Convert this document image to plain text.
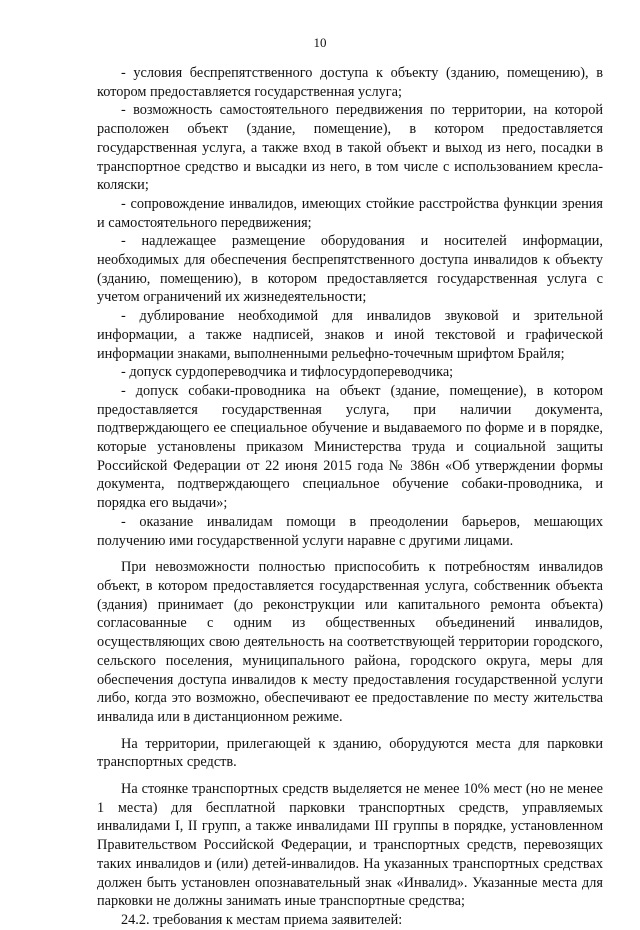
10

- условия беспрепятственного доступа к объекту (зданию, помещению), в котором предоставляется государственная услуга;

- возможность самостоятельного передвижения по территории, на которой расположен объект (здание, помещение), в котором предоставляется государственная услуга, а также вход в такой объект и выход из него, посадки в транспортное средство и высадки из него, в том числе с использованием кресла-коляски;

- сопровождение инвалидов, имеющих стойкие расстройства функции зрения и самостоятельного передвижения;

- надлежащее размещение оборудования и носителей информации, необходимых для обеспечения беспрепятственного доступа инвалидов к объекту (зданию, помещению), в котором предоставляется государственная услуга с учетом ограничений их жизнедеятельности;

- дублирование необходимой для инвалидов звуковой и зрительной информации, а также надписей, знаков и иной текстовой и графической информации знаками, выполненными рельефно-точечным шрифтом Брайля;

- допуск сурдопереводчика и тифлосурдопереводчика;

- допуск собаки-проводника на объект (здание, помещение), в котором предоставляется государственная услуга, при наличии документа, подтверждающего ее специальное обучение и выдаваемого по форме и в порядке, которые установлены приказом Министерства труда и социальной защиты Российской Федерации от 22 июня 2015 года № 386н «Об утверждении формы документа, подтверждающего специальное обучение собаки-проводника, и порядка его выдачи»;

- оказание инвалидам помощи в преодолении барьеров, мешающих получению ими государственной услуги наравне с другими лицами.

При невозможности полностью приспособить к потребностям инвалидов объект, в котором предоставляется государственная услуга, собственник объекта (здания) принимает (до реконструкции или капитального ремонта объекта) согласованные с одним из общественных объединений инвалидов, осуществляющих свою деятельность на соответствующей территории городского, сельского поселения, муниципального района, городского округа, меры для обеспечения доступа инвалидов к месту предоставления государственной услуги либо, когда это возможно, обеспечивают ее предоставление по месту жительства инвалида или в дистанционном режиме.

На территории, прилегающей к зданию, оборудуются места для парковки транспортных средств.

На стоянке транспортных средств выделяется не менее 10% мест (но не менее 1 места) для бесплатной парковки транспортных средств, управляемых инвалидами I, II групп, а также инвалидами III группы в порядке, установленном Правительством Российской Федерации, и транспортных средств, перевозящих таких инвалидов и (или) детей-инвалидов. На указанных транспортных средствах должен быть установлен опознавательный знак «Инвалид». Указанные места для парковки не должны занимать иные транспортные средства;

24.2. требования к местам приема заявителей:
